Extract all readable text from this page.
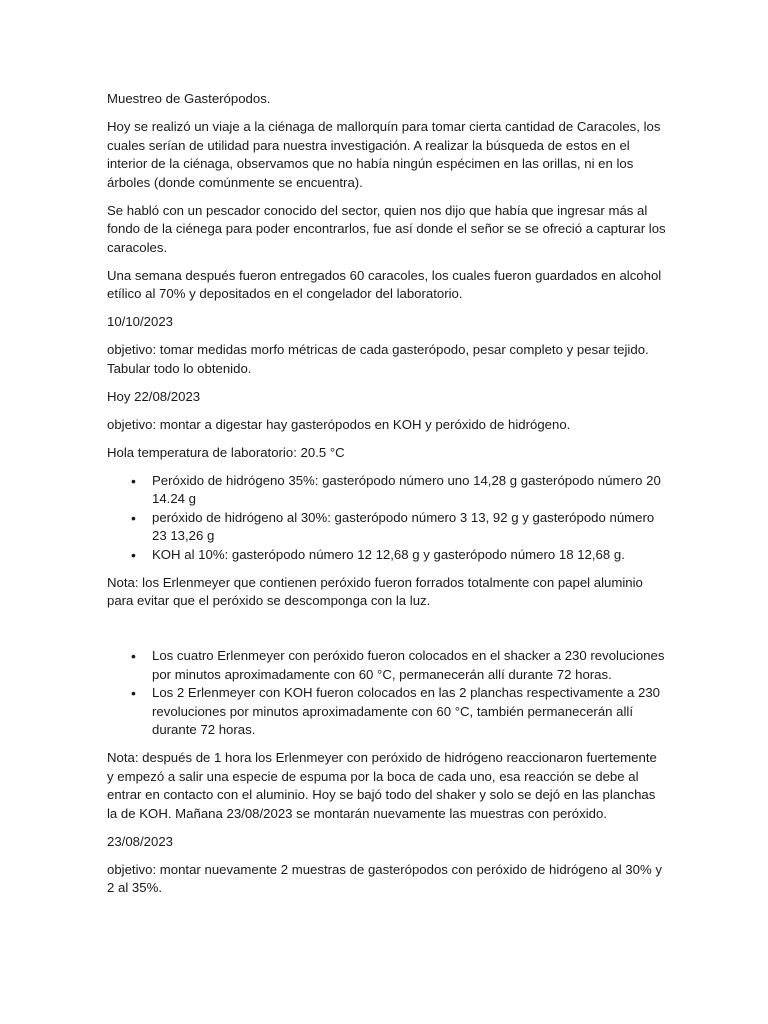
Muestreo de Gasterópodos.

Hoy se realizó un viaje a la ciénaga de mallorquín para tomar cierta cantidad de Caracoles, los cuales serían de utilidad para nuestra investigación. A realizar la búsqueda de estos en el interior de la ciénaga, observamos que no había ningún espécimen en las orillas, ni en los árboles (donde comúnmente se encuentra).

Se habló con un pescador conocido del sector, quien nos dijo que había que ingresar más al fondo de la ciénega para poder encontrarlos, fue así donde el señor se se ofreció a capturar los caracoles.

Una semana después fueron entregados 60 caracoles, los cuales fueron guardados en alcohol etílico al 70% y depositados en el congelador del laboratorio.

10/10/2023

objetivo: tomar medidas morfo métricas de cada gasterópodo, pesar completo y pesar tejido. Tabular todo lo obtenido.

Hoy 22/08/2023

objetivo: montar a digestar hay gasterópodos en KOH y peróxido de hidrógeno.

Hola temperatura de laboratorio: 20.5 °C

• Peróxido de hidrógeno 35%: gasterópodo número uno 14,28 g gasterópodo número 20 14.24 g
• peróxido de hidrógeno al 30%: gasterópodo número 3 13, 92 g y gasterópodo número 23 13,26 g
• KOH al 10%: gasterópodo número 12 12,68 g y gasterópodo número 18 12,68 g.

Nota: los Erlenmeyer que contienen peróxido fueron forrados totalmente con papel aluminio para evitar que el peróxido se descomponga con la luz.

• Los cuatro Erlenmeyer con peróxido fueron colocados en el shacker a 230 revoluciones por minutos aproximadamente con 60 °C, permanecerán allí durante 72 horas.
• Los 2 Erlenmeyer con KOH fueron colocados en las 2 planchas respectivamente a 230 revoluciones por minutos aproximadamente con 60 °C, también permanecerán allí durante 72 horas.

Nota: después de 1 hora los Erlenmeyer con peróxido de hidrógeno reaccionaron fuertemente y empezó a salir una especie de espuma por la boca de cada uno, esa reacción se debe al entrar en contacto con el aluminio. Hoy se bajó todo del shaker y solo se dejó en las planchas la de KOH. Mañana 23/08/2023 se montarán nuevamente las muestras con peróxido.

23/08/2023

objetivo: montar nuevamente 2 muestras de gasterópodos con peróxido de hidrógeno al 30% y 2 al 35%.
